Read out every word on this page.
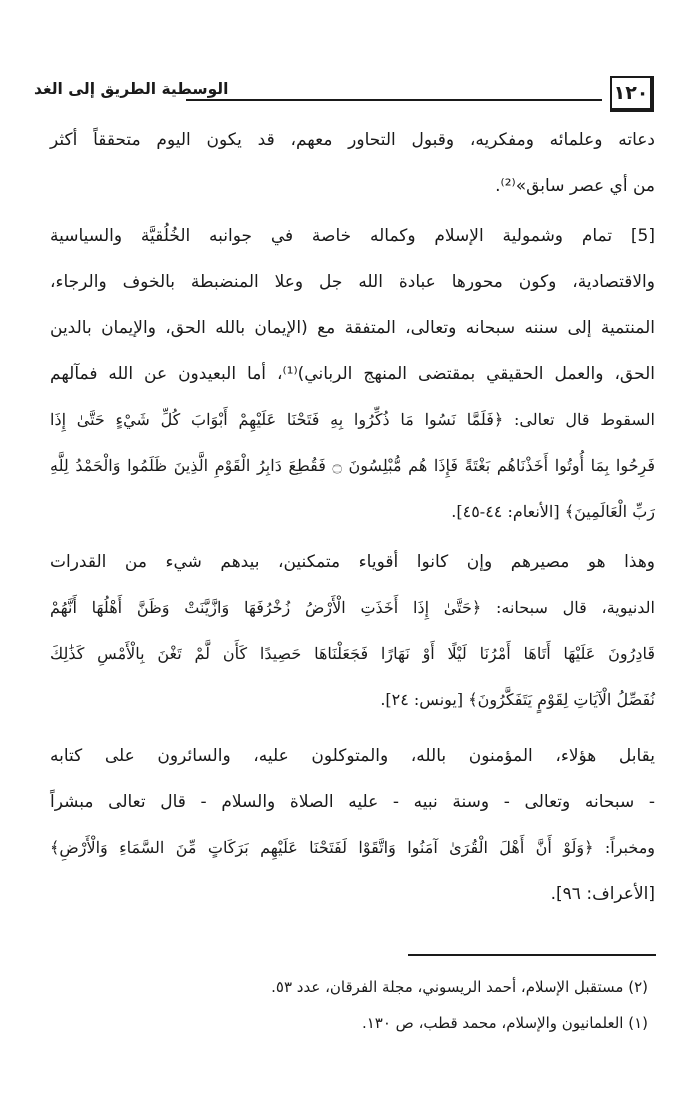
١٢٠
الوسطية الطريق إلى الغد
دعاته وعلمائه ومفكريه، وقبول التحاور معهم، قد يكون اليوم متحققاً أكثر
من أي عصر سابق»⁽²⁾.
[5] تمام وشمولية الإسلام وكماله خاصة في جوانبه الخُلُقيَّة والسياسية
والاقتصادية، وكون محورها عبادة الله جل وعلا المنضبطة بالخوف والرجاء،
المنتمية إلى سننه سبحانه وتعالى، المتفقة مع (الإيمان بالله الحق، والإيمان بالدين
الحق، والعمل الحقيقي بمقتضى المنهج الرباني)⁽¹⁾، أما البعيدون عن الله فمآلهم
السقوط قال تعالى: ﴿فَلَمَّا نَسُوا مَا ذُكِّرُوا بِهِ فَتَحْنَا عَلَيْهِمْ أَبْوَابَ كُلِّ شَيْءٍ حَتَّىٰ إِذَا
فَرِحُوا بِمَا أُوتُوا أَخَذْنَاهُم بَغْتَةً فَإِذَا هُم مُّبْلِسُونَ ۝ فَقُطِعَ دَابِرُ الْقَوْمِ الَّذِينَ ظَلَمُوا وَالْحَمْدُ لِلَّهِ
رَبِّ الْعَالَمِينَ﴾ [الأنعام: ٤٤-٤٥].
وهذا هو مصيرهم وإن كانوا أقوياء متمكنين، بيدهم شيء من القدرات
الدنيوية، قال سبحانه: ﴿حَتَّىٰ إِذَا أَخَذَتِ الْأَرْضُ زُخْرُفَهَا وَازَّيَّنَتْ وَظَنَّ أَهْلُهَا أَنَّهُمْ
قَادِرُونَ عَلَيْهَا أَتَاهَا أَمْرُنَا لَيْلًا أَوْ نَهَارًا فَجَعَلْنَاهَا حَصِيدًا كَأَن لَّمْ تَغْنَ بِالْأَمْسِ كَذَٰلِكَ
نُفَصِّلُ الْآيَاتِ لِقَوْمٍ يَتَفَكَّرُونَ﴾ [يونس: ٢٤].
يقابل هؤلاء، المؤمنون بالله، والمتوكلون عليه، والسائرون على كتابه
- سبحانه وتعالى - وسنة نبيه - عليه الصلاة والسلام - قال تعالى مبشراً
ومخبراً: ﴿وَلَوْ أَنَّ أَهْلَ الْقُرَىٰ آمَنُوا وَاتَّقَوْا لَفَتَحْنَا عَلَيْهِم بَرَكَاتٍ مِّنَ السَّمَاءِ وَالْأَرْضِ﴾
[الأعراف: ٩٦].
(٢) مستقبل الإسلام، أحمد الريسوني، مجلة الفرقان، عدد ٥٣.
(١) العلمانيون والإسلام، محمد قطب، ص ١٣٠.
